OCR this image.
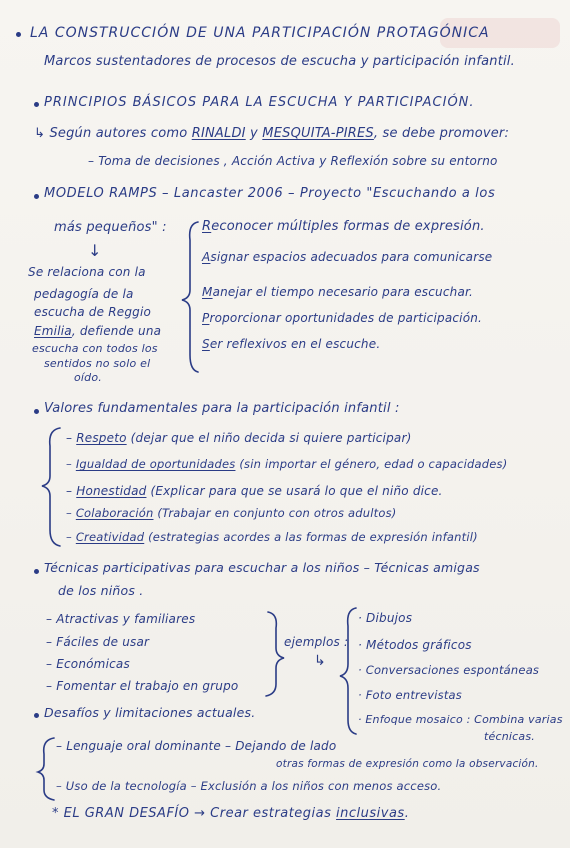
LA CONSTRUCCIÓN DE UNA PARTICIPACIÓN PROTAGÓNICA
Marcos sustentadores de procesos de escucha y participación infantil.
PRINCIPIOS BÁSICOS PARA LA ESCUCHA Y PARTICIPACIÓN.
↳ Según autores como RINALDI y MESQUITA-PIRES, se debe promover:
– Toma de decisiones , Acción Activa y Reflexión sobre su entorno
MODELO RAMPS – Lancaster 2006 – Proyecto "Escuchando a los
más pequeños" :
↓
Se relaciona con la
pedagogía de la
escucha de Reggio
Emilia, defiende una
escucha con todos los
sentidos no solo el
oído.
Reconocer múltiples formas de expresión.
Asignar espacios adecuados para comunicarse
Manejar el tiempo necesario para escuchar.
Proporcionar oportunidades de participación.
Ser reflexivos en el escuche.
Valores fundamentales para la participación infantil :
– Respeto (dejar que el niño decida si quiere participar)
– Igualdad de oportunidades (sin importar el género, edad o capacidades)
– Honestidad (Explicar para que se usará lo que el niño dice.
– Colaboración (Trabajar en conjunto con otros adultos)
– Creatividad (estrategias acordes a las formas de expresión infantil)
Técnicas participativas para escuchar a los niños – Técnicas amigas
de los niños .
– Atractivas y familiares
– Fáciles de usar
– Económicas
– Fomentar el trabajo en grupo
ejemplos :
↳
· Dibujos
· Métodos gráficos
· Conversaciones espontáneas
· Foto entrevistas
· Enfoque mosaico : Combina varias
técnicas.
Desafíos y limitaciones actuales.
– Lenguaje oral dominante – Dejando de lado
otras formas de expresión como la observación.
– Uso de la tecnología – Exclusión a los niños con menos acceso.
* EL GRAN DESAFÍO → Crear estrategias inclusivas.
